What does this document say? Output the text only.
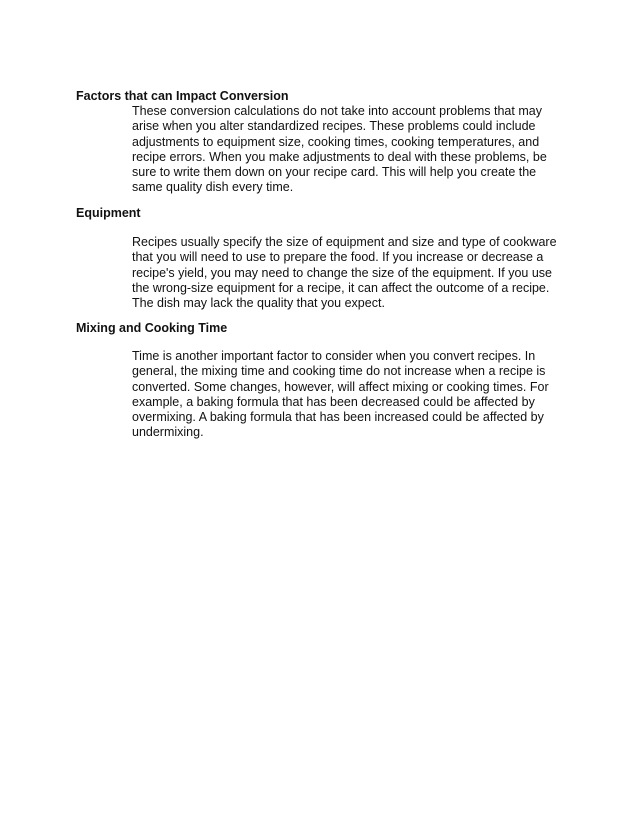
Factors that can Impact Conversion
These conversion calculations do not take into account problems that may
arise when you alter standardized recipes. These problems could include
adjustments to equipment size, cooking times, cooking temperatures, and
recipe errors. When you make adjustments to deal with these problems, be
sure to write them down on your recipe card. This will help you create the
same quality dish every time.
Equipment
Recipes usually specify the size of equipment and size and type of cookware
that you will need to use to prepare the food. If you increase or decrease a
recipe's yield, you may need to change the size of the equipment. If you use
the wrong-size equipment for a recipe, it can affect the outcome of a recipe.
The dish may lack the quality that you expect.
Mixing and Cooking Time
Time is another important factor to consider when you convert recipes. In
general, the mixing time and cooking time do not increase when a recipe is
converted. Some changes, however, will affect mixing or cooking times. For
example, a baking formula that has been decreased could be affected by
overmixing. A baking formula that has been increased could be affected by
undermixing.
